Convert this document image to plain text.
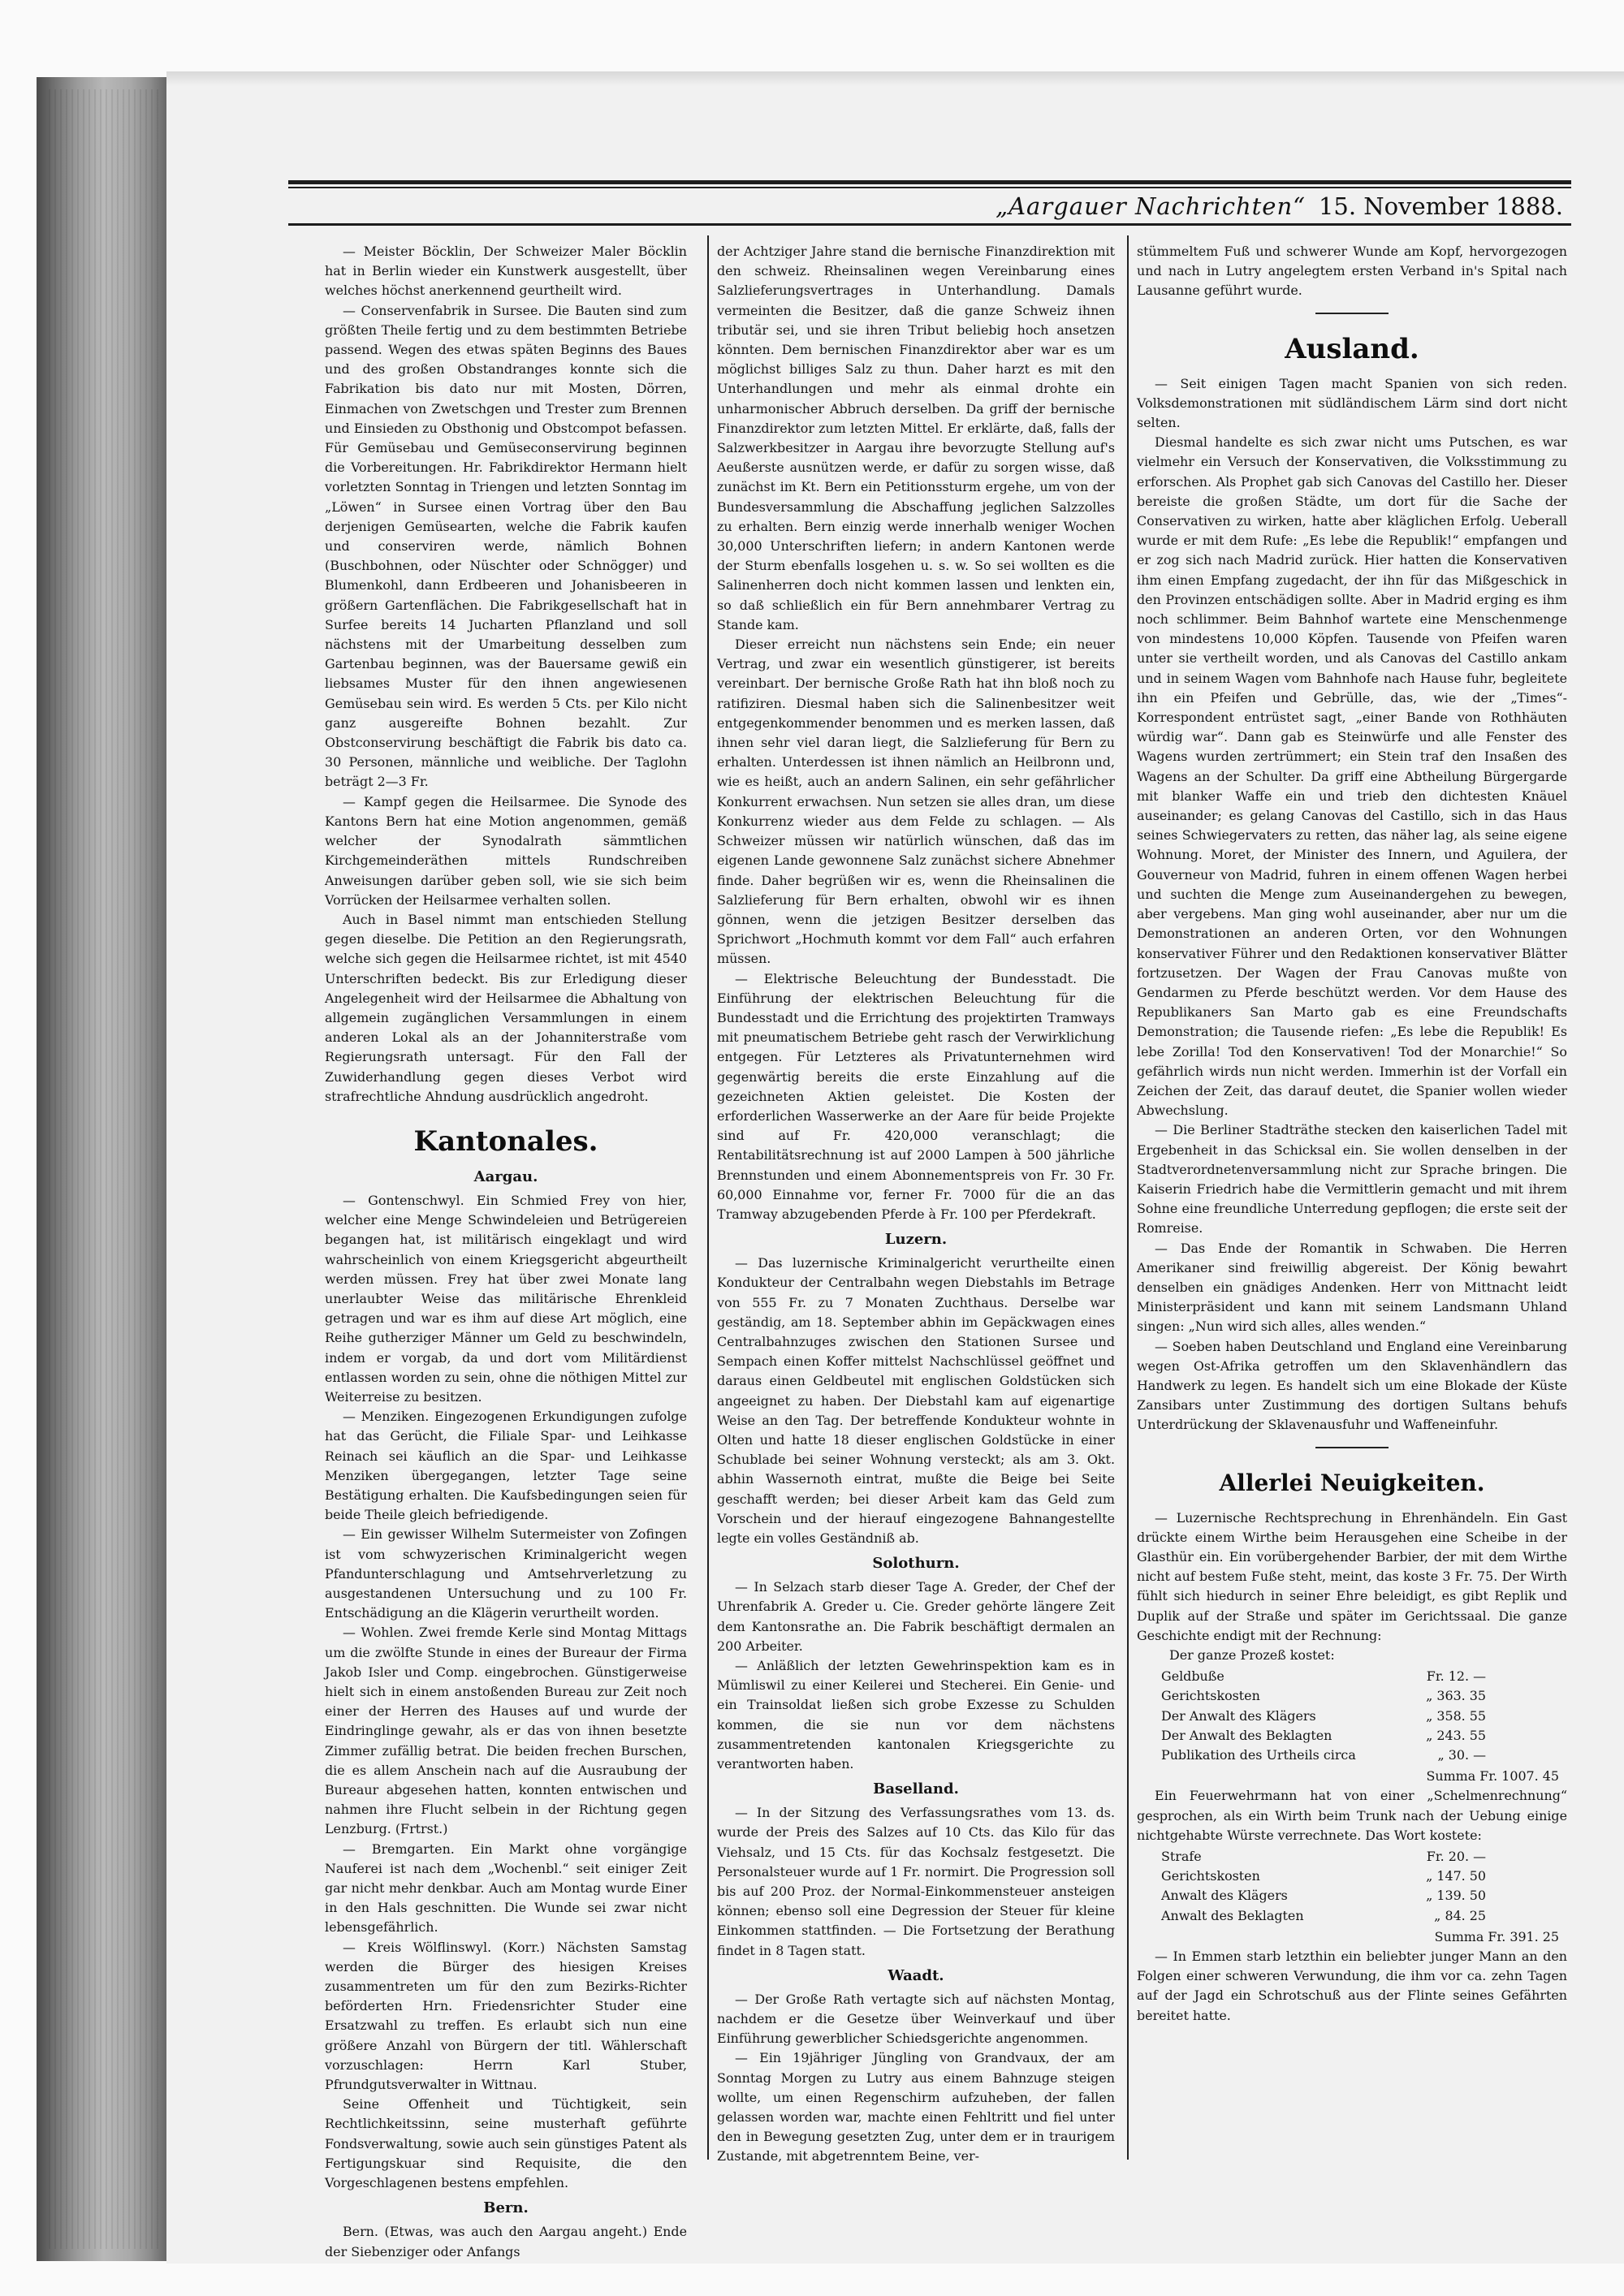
„Aargauer Nachrichten“ 15. November 1888.

— Meister Böcklin, Der Schweizer Maler Böcklin hat in Berlin wieder ein Kunstwerk ausgestellt, über welches höchst anerkennend geurtheilt wird.

— Conservenfabrik in Sursee. Die Bauten sind zum größten Theile fertig und zu dem bestimmten Betriebe passend. Wegen des etwas späten Beginns des Baues und des großen Obstandranges konnte sich die Fabrikation bis dato nur mit Mosten, Dörren, Einmachen von Zwetschgen und Trester zum Brennen und Einsieden zu Obsthonig und Obstcompot befassen. Für Gemüsebau und Gemüseconservirung beginnen die Vorbereitungen. Hr. Fabrikdirektor Hermann hielt vorletzten Sonntag in Triengen und letzten Sonntag im „Löwen“ in Sursee einen Vortrag über den Bau derjenigen Gemüsearten, welche die Fabrik kaufen und conserviren werde, nämlich Bohnen (Buschbohnen, oder Nüschter oder Schnögger) und Blumenkohl, dann Erdbeeren und Johanisbeeren in größern Gartenflächen. Die Fabrikgesellschaft hat in Surfee bereits 14 Jucharten Pflanzland und soll nächstens mit der Umarbeitung desselben zum Gartenbau beginnen, was der Bauersame gewiß ein liebsames Muster für den ihnen angewiesenen Gemüsebau sein wird. Es werden 5 Cts. per Kilo nicht ganz ausgereifte Bohnen bezahlt. Zur Obstconservirung beschäftigt die Fabrik bis dato ca. 30 Personen, männliche und weibliche. Der Taglohn beträgt 2—3 Fr.

— Kampf gegen die Heilsarmee. Die Synode des Kantons Bern hat eine Motion angenommen, gemäß welcher der Synodalrath sämmtlichen Kirchgemeinderäthen mittels Rundschreiben Anweisungen darüber geben soll, wie sie sich beim Vorrücken der Heilsarmee verhalten sollen.

Auch in Basel nimmt man entschieden Stellung gegen dieselbe. Die Petition an den Regierungsrath, welche sich gegen die Heilsarmee richtet, ist mit 4540 Unterschriften bedeckt. Bis zur Erledigung dieser Angelegenheit wird der Heilsarmee die Abhaltung von allgemein zugänglichen Versammlungen in einem anderen Lokal als an der Johanniterstraße vom Regierungsrath untersagt. Für den Fall der Zuwiderhandlung gegen dieses Verbot wird strafrechtliche Ahndung ausdrücklich angedroht.

Kantonales.
Aargau.

— Gontenschwyl. Ein Schmied Frey von hier, welcher eine Menge Schwindeleien und Betrügereien begangen hat, ist militärisch eingeklagt und wird wahrscheinlich von einem Kriegsgericht abgeurtheilt werden müssen. Frey hat über zwei Monate lang unerlaubter Weise das militärische Ehrenkleid getragen und war es ihm auf diese Art möglich, eine Reihe gutherziger Männer um Geld zu beschwindeln, indem er vorgab, da und dort vom Militärdienst entlassen worden zu sein, ohne die nöthigen Mittel zur Weiterreise zu besitzen.

— Menziken. Eingezogenen Erkundigungen zufolge hat das Gerücht, die Filiale Spar- und Leihkasse Reinach sei käuflich an die Spar- und Leihkasse Menziken übergegangen, letzter Tage seine Bestätigung erhalten. Die Kaufsbedingungen seien für beide Theile gleich befriedigende.

— Ein gewisser Wilhelm Sutermeister von Zofingen ist vom schwyzerischen Kriminalgericht wegen Pfandunterschlagung und Amtsehrverletzung zu ausgestandenen Untersuchung und zu 100 Fr. Entschädigung an die Klägerin verurtheilt worden.

— Wohlen. Zwei fremde Kerle sind Montag Mittags um die zwölfte Stunde in eines der Bureaur der Firma Jakob Isler und Comp. eingebrochen. Günstigerweise hielt sich in einem anstoßenden Bureau zur Zeit noch einer der Herren des Hauses auf und wurde der Eindringlinge gewahr, als er das von ihnen besetzte Zimmer zufällig betrat. Die beiden frechen Burschen, die es allem Anschein nach auf die Ausraubung der Bureaur abgesehen hatten, konnten entwischen und nahmen ihre Flucht selbein in der Richtung gegen Lenzburg. (Frtrst.)

— Bremgarten. Ein Markt ohne vorgängige Nauferei ist nach dem „Wochenbl.“ seit einiger Zeit gar nicht mehr denkbar. Auch am Montag wurde Einer in den Hals geschnitten. Die Wunde sei zwar nicht lebensgefährlich.

— Kreis Wölflinswyl. (Korr.) Nächsten Samstag werden die Bürger des hiesigen Kreises zusammentreten um für den zum Bezirks-Richter beförderten Hrn. Friedensrichter Studer eine Ersatzwahl zu treffen. Es erlaubt sich nun eine größere Anzahl von Bürgern der titl. Wählerschaft vorzuschlagen: Herrn Karl Stuber, Pfrundgutsverwalter in Wittnau.

Seine Offenheit und Tüchtigkeit, sein Rechtlichkeitssinn, seine musterhaft geführte Fondsverwaltung, sowie auch sein günstiges Patent als Fertigungskuar sind Requisite, die den Vorgeschlagenen bestens empfehlen.

Bern.

Bern. (Etwas, was auch den Aargau angeht.) Ende der Siebenziger oder Anfangs

der Achtziger Jahre stand die bernische Finanzdirektion mit den schweiz. Rheinsalinen wegen Vereinbarung eines Salzlieferungsvertrages in Unterhandlung. Damals vermeinten die Besitzer, daß die ganze Schweiz ihnen tributär sei, und sie ihren Tribut beliebig hoch ansetzen könnten. Dem bernischen Finanzdirektor aber war es um möglichst billiges Salz zu thun. Daher harzt es mit den Unterhandlungen und mehr als einmal drohte ein unharmonischer Abbruch derselben. Da griff der bernische Finanzdirektor zum letzten Mittel. Er erklärte, daß, falls der Salzwerkbesitzer in Aargau ihre bevorzugte Stellung auf's Aeußerste ausnützen werde, er dafür zu sorgen wisse, daß zunächst im Kt. Bern ein Petitionssturm ergehe, um von der Bundesversammlung die Abschaffung jeglichen Salzzolles zu erhalten. Bern einzig werde innerhalb weniger Wochen 30,000 Unterschriften liefern; in andern Kantonen werde der Sturm ebenfalls losgehen u. s. w. So sei wollten es die Salinenherren doch nicht kommen lassen und lenkten ein, so daß schließlich ein für Bern annehmbarer Vertrag zu Stande kam.

Dieser erreicht nun nächstens sein Ende; ein neuer Vertrag, und zwar ein wesentlich günstigerer, ist bereits vereinbart. Der bernische Große Rath hat ihn bloß noch zu ratifiziren. Diesmal haben sich die Salinenbesitzer weit entgegenkommender benommen und es merken lassen, daß ihnen sehr viel daran liegt, die Salzlieferung für Bern zu erhalten. Unterdessen ist ihnen nämlich an Heilbronn und, wie es heißt, auch an andern Salinen, ein sehr gefährlicher Konkurrent erwachsen. Nun setzen sie alles dran, um diese Konkurrenz wieder aus dem Felde zu schlagen. — Als Schweizer müssen wir natürlich wünschen, daß das im eigenen Lande gewonnene Salz zunächst sichere Abnehmer finde. Daher begrüßen wir es, wenn die Rheinsalinen die Salzlieferung für Bern erhalten, obwohl wir es ihnen gönnen, wenn die jetzigen Besitzer derselben das Sprichwort „Hochmuth kommt vor dem Fall“ auch erfahren müssen.

— Elektrische Beleuchtung der Bundesstadt. Die Einführung der elektrischen Beleuchtung für die Bundesstadt und die Errichtung des projektirten Tramways mit pneumatischem Betriebe geht rasch der Verwirklichung entgegen. Für Letzteres als Privatunternehmen wird gegenwärtig bereits die erste Einzahlung auf die gezeichneten Aktien geleistet. Die Kosten der erforderlichen Wasserwerke an der Aare für beide Projekte sind auf Fr. 420,000 veranschlagt; die Rentabilitätsrechnung ist auf 2000 Lampen à 500 jährliche Brennstunden und einem Abonnementspreis von Fr. 30 Fr. 60,000 Einnahme vor, ferner Fr. 7000 für die an das Tramway abzugebenden Pferde à Fr. 100 per Pferdekraft.

Luzern.

— Das luzernische Kriminalgericht verurtheilte einen Kondukteur der Centralbahn wegen Diebstahls im Betrage von 555 Fr. zu 7 Monaten Zuchthaus. Derselbe war geständig, am 18. September abhin im Gepäckwagen eines Centralbahnzuges zwischen den Stationen Sursee und Sempach einen Koffer mittelst Nachschlüssel geöffnet und daraus einen Geldbeutel mit englischen Goldstücken sich angeeignet zu haben. Der Diebstahl kam auf eigenartige Weise an den Tag. Der betreffende Kondukteur wohnte in Olten und hatte 18 dieser englischen Goldstücke in einer Schublade bei seiner Wohnung versteckt; als am 3. Okt. abhin Wassernoth eintrat, mußte die Beige bei Seite geschafft werden; bei dieser Arbeit kam das Geld zum Vorschein und der hierauf eingezogene Bahnangestellte legte ein volles Geständniß ab.

Solothurn.

— In Selzach starb dieser Tage A. Greder, der Chef der Uhrenfabrik A. Greder u. Cie. Greder gehörte längere Zeit dem Kantonsrathe an. Die Fabrik beschäftigt dermalen an 200 Arbeiter.

— Anläßlich der letzten Gewehrinspektion kam es in Mümliswil zu einer Keilerei und Stecherei. Ein Genie- und ein Trainsoldat ließen sich grobe Exzesse zu Schulden kommen, die sie nun vor dem nächstens zusammentretenden kantonalen Kriegsgerichte zu verantworten haben.

Baselland.

— In der Sitzung des Verfassungsrathes vom 13. ds. wurde der Preis des Salzes auf 10 Cts. das Kilo für das Viehsalz, und 15 Cts. für das Kochsalz festgesetzt. Die Personalsteuer wurde auf 1 Fr. normirt. Die Progression soll bis auf 200 Proz. der Normal-Einkommensteuer ansteigen können; ebenso soll eine Degression der Steuer für kleine Einkommen stattfinden. — Die Fortsetzung der Berathung findet in 8 Tagen statt.

Waadt.

— Der Große Rath vertagte sich auf nächsten Montag, nachdem er die Gesetze über Weinverkauf und über Einführung gewerblicher Schiedsgerichte angenommen.

— Ein 19jähriger Jüngling von Grandvaux, der am Sonntag Morgen zu Lutry aus einem Bahnzuge steigen wollte, um einen Regenschirm aufzuheben, der fallen gelassen worden war, machte einen Fehltritt und fiel unter den in Bewegung gesetzten Zug, unter dem er in traurigem Zustande, mit abgetrenntem Beine, ver-

stümmeltem Fuß und schwerer Wunde am Kopf, hervorgezogen und nach in Lutry angelegtem ersten Verband in's Spital nach Lausanne geführt wurde.

Ausland.

— Seit einigen Tagen macht Spanien von sich reden. Volksdemonstrationen mit südländischem Lärm sind dort nicht selten.

Diesmal handelte es sich zwar nicht ums Putschen, es war vielmehr ein Versuch der Konservativen, die Volksstimmung zu erforschen. Als Prophet gab sich Canovas del Castillo her. Dieser bereiste die großen Städte, um dort für die Sache der Conservativen zu wirken, hatte aber kläglichen Erfolg. Ueberall wurde er mit dem Rufe: „Es lebe die Republik!“ empfangen und er zog sich nach Madrid zurück. Hier hatten die Konservativen ihm einen Empfang zugedacht, der ihn für das Mißgeschick in den Provinzen entschädigen sollte. Aber in Madrid erging es ihm noch schlimmer. Beim Bahnhof wartete eine Menschenmenge von mindestens 10,000 Köpfen. Tausende von Pfeifen waren unter sie vertheilt worden, und als Canovas del Castillo ankam und in seinem Wagen vom Bahnhofe nach Hause fuhr, begleitete ihn ein Pfeifen und Gebrülle, das, wie der „Times“-Korrespondent entrüstet sagt, „einer Bande von Rothhäuten würdig war“. Dann gab es Steinwürfe und alle Fenster des Wagens wurden zertrümmert; ein Stein traf den Insaßen des Wagens an der Schulter. Da griff eine Abtheilung Bürgergarde mit blanker Waffe ein und trieb den dichtesten Knäuel auseinander; es gelang Canovas del Castillo, sich in das Haus seines Schwiegervaters zu retten, das näher lag, als seine eigene Wohnung. Moret, der Minister des Innern, und Aguilera, der Gouverneur von Madrid, fuhren in einem offenen Wagen herbei und suchten die Menge zum Auseinandergehen zu bewegen, aber vergebens. Man ging wohl auseinander, aber nur um die Demonstrationen an anderen Orten, vor den Wohnungen konservativer Führer und den Redaktionen konservativer Blätter fortzusetzen. Der Wagen der Frau Canovas mußte von Gendarmen zu Pferde beschützt werden. Vor dem Hause des Republikaners San Marto gab es eine Freundschafts Demonstration; die Tausende riefen: „Es lebe die Republik! Es lebe Zorilla! Tod den Konservativen! Tod der Monarchie!“ So gefährlich wirds nun nicht werden. Immerhin ist der Vorfall ein Zeichen der Zeit, das darauf deutet, die Spanier wollen wieder Abwechslung.

— Die Berliner Stadträthe stecken den kaiserlichen Tadel mit Ergebenheit in das Schicksal ein. Sie wollen denselben in der Stadtverordnetenversammlung nicht zur Sprache bringen. Die Kaiserin Friedrich habe die Vermittlerin gemacht und mit ihrem Sohne eine freundliche Unterredung gepflogen; die erste seit der Romreise.

— Das Ende der Romantik in Schwaben. Die Herren Amerikaner sind freiwillig abgereist. Der König bewahrt denselben ein gnädiges Andenken. Herr von Mittnacht leidt Ministerpräsident und kann mit seinem Landsmann Uhland singen: „Nun wird sich alles, alles wenden.“

— Soeben haben Deutschland und England eine Vereinbarung wegen Ost-Afrika getroffen um den Sklavenhändlern das Handwerk zu legen. Es handelt sich um eine Blokade der Küste Zansibars unter Zustimmung des dortigen Sultans behufs Unterdrückung der Sklavenausfuhr und Waffeneinfuhr.

Allerlei Neuigkeiten.

— Luzernische Rechtsprechung in Ehrenhändeln. Ein Gast drückte einem Wirthe beim Herausgehen eine Scheibe in der Glasthür ein. Ein vorübergehender Barbier, der mit dem Wirthe nicht auf bestem Fuße steht, meint, das koste 3 Fr. 75. Der Wirth fühlt sich hiedurch in seiner Ehre beleidigt, es gibt Replik und Duplik auf der Straße und später im Gerichtssaal. Die ganze Geschichte endigt mit der Rechnung:

Der ganze Prozeß kostet:

Geldbuße	Fr. 12. —
Gerichtskosten	„ 363. 35
Der Anwalt des Klägers	„ 358. 55
Der Anwalt des Beklagten	„ 243. 55
Publikation des Urtheils circa	„ 30. —
Summa Fr. 1007. 45

Ein Feuerwehrmann hat von einer „Schelmenrechnung“ gesprochen, als ein Wirth beim Trunk nach der Uebung einige nichtgehabte Würste verrechnete. Das Wort kostete:

Strafe	Fr. 20. —
Gerichtskosten	„ 147. 50
Anwalt des Klägers	„ 139. 50
Anwalt des Beklagten	„ 84. 25
Summa Fr. 391. 25

— In Emmen starb letzthin ein beliebter junger Mann an den Folgen einer schweren Verwundung, die ihm vor ca. zehn Tagen auf der Jagd ein Schrotschuß aus der Flinte seines Gefährten bereitet hatte.
